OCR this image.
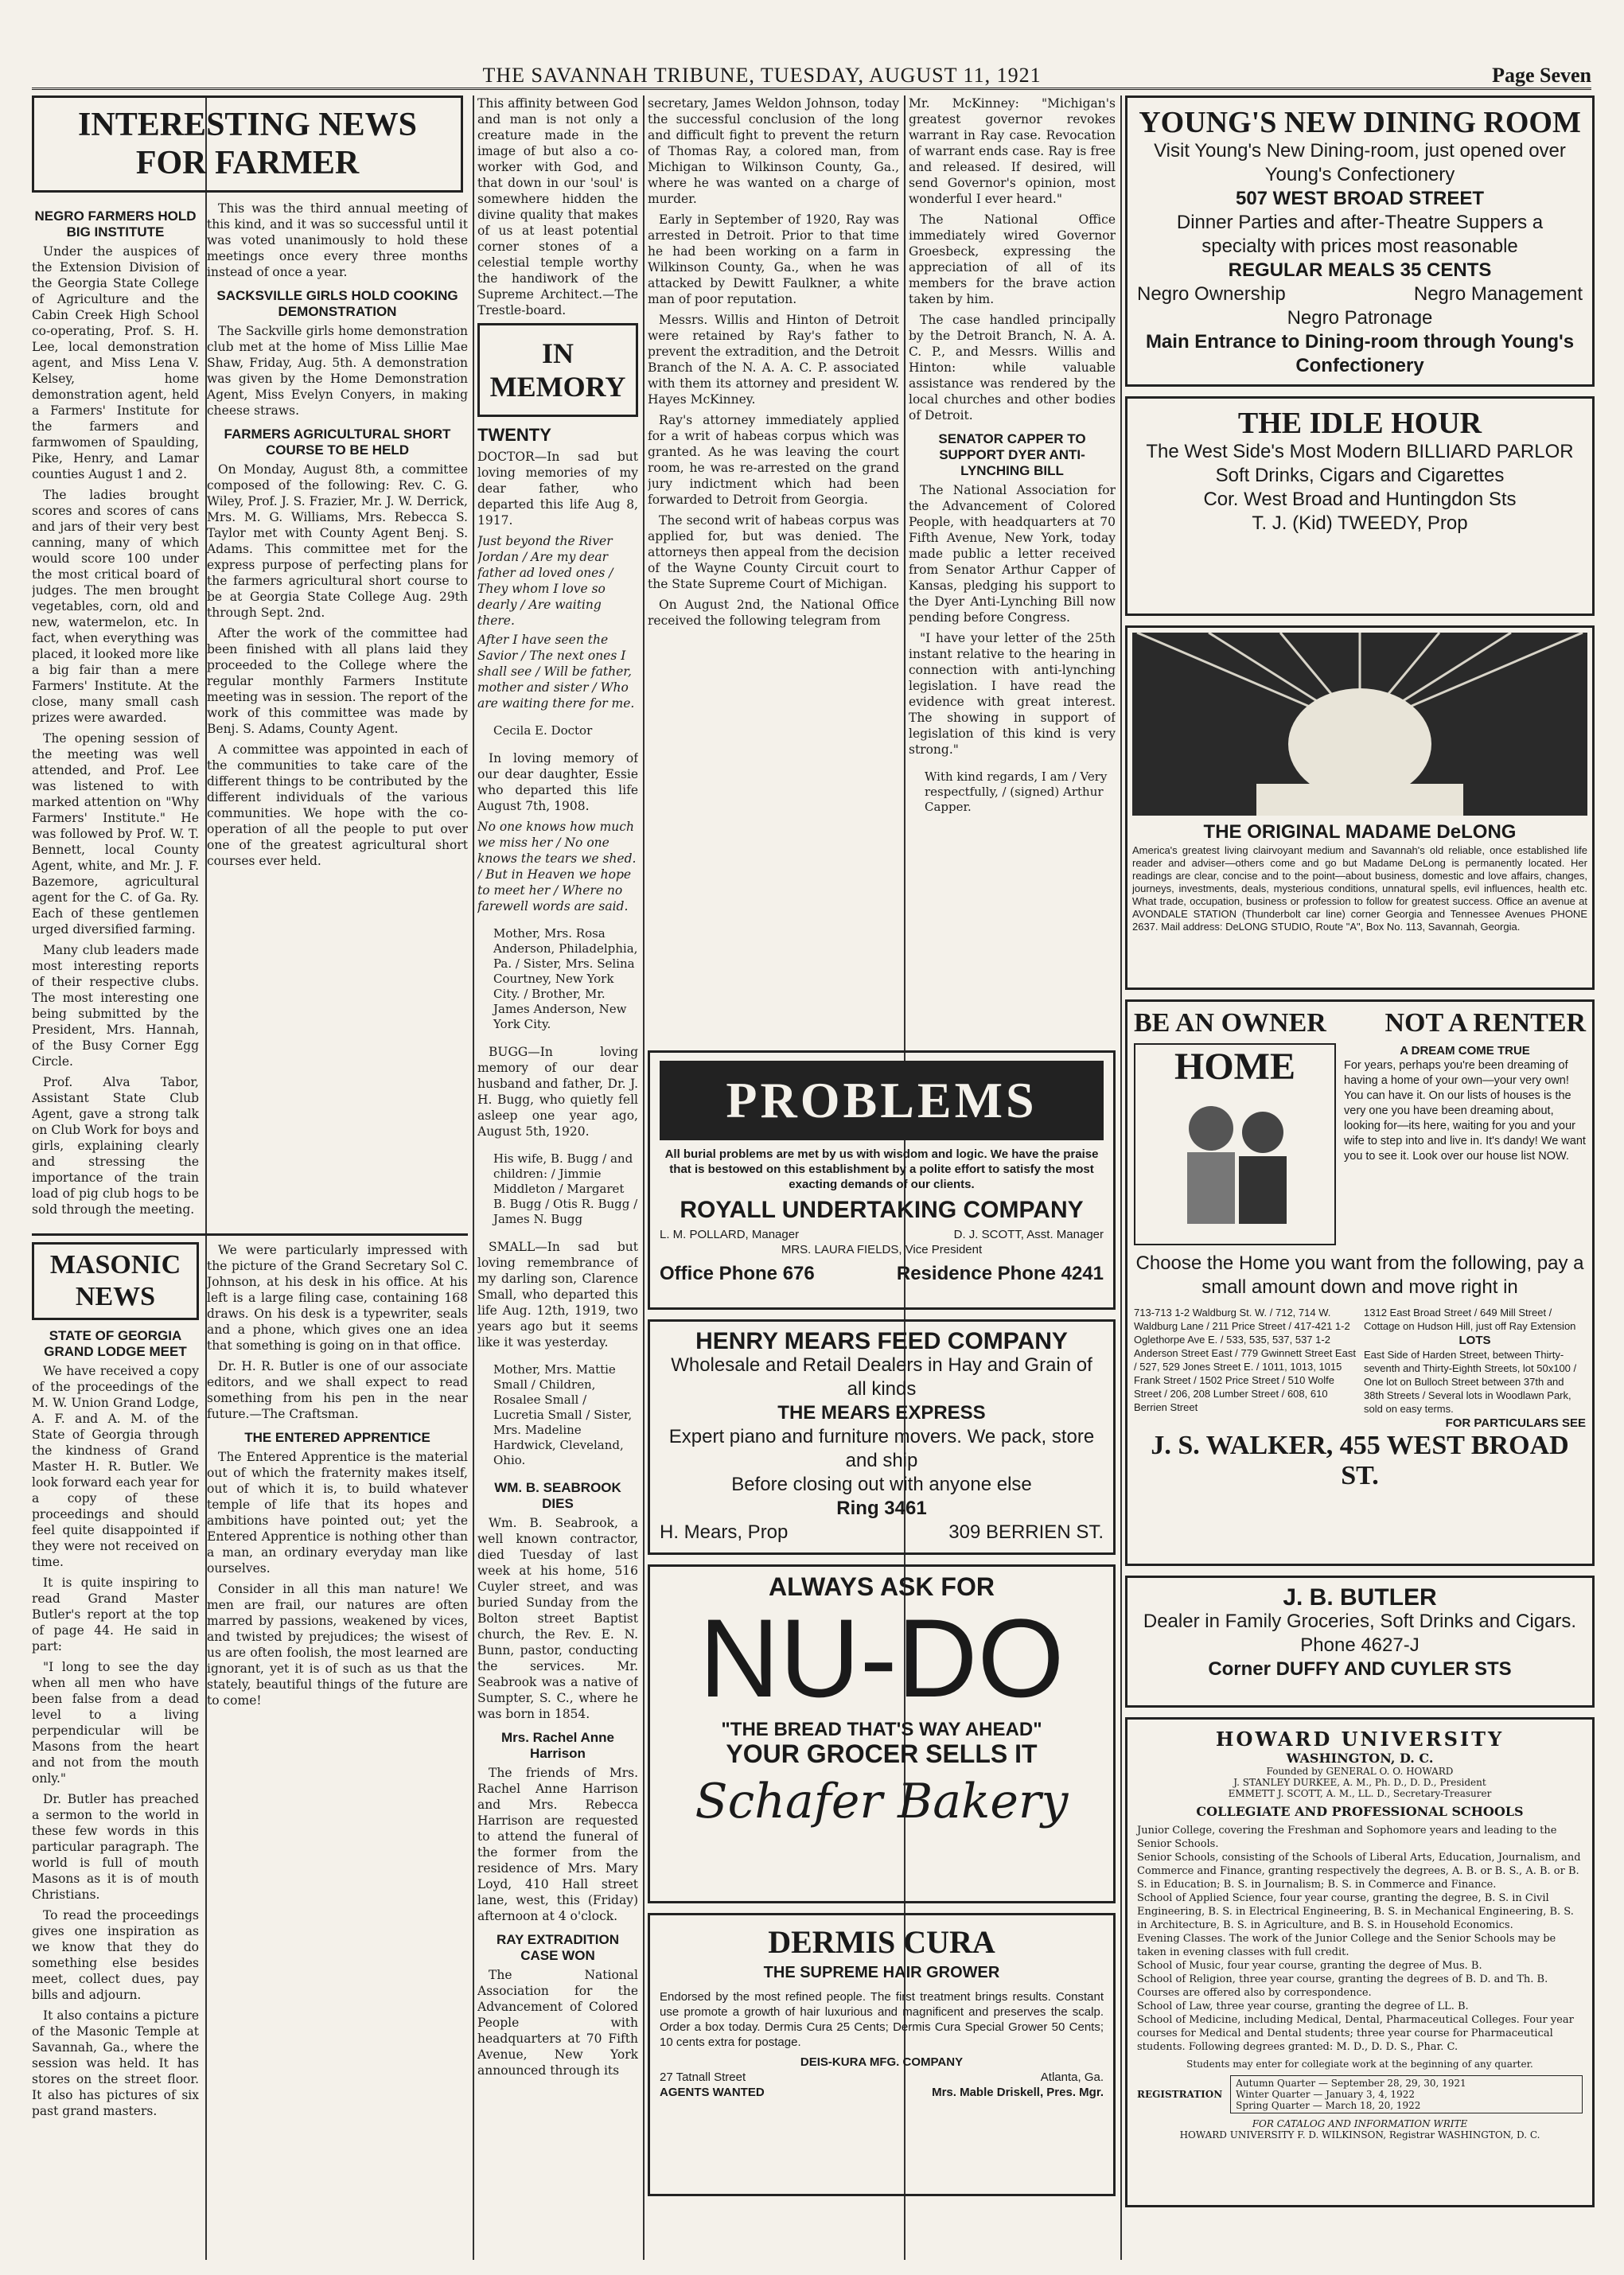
THE SAVANNAH TRIBUNE, TUESDAY, AUGUST 11, 1921	Page Seven
INTERESTING NEWS FOR FARMER
NEGRO FARMERS HOLD BIG INSTITUTE

Under the auspices of the Extension Division of the Georgia State College of Agriculture and the Cabin Creek High School co-operating, Prof. S. H. Lee, local demonstration agent, and Miss Lena V. Kelsey, home demonstration agent, held a Farmers' Institute for the farmers and farmwomen of Spaulding, Pike, Henry, and Lamar counties August 1 and 2.

The ladies brought scores and scores of cans and jars of their very best canning, many of which would score 100 under the most critical board of judges. The men brought vegetables, corn, old and new, watermelon, etc. In fact, when everything was placed, it looked more like a big fair than a mere Farmers' Institute. At the close, many small cash prizes were awarded.

The opening session of the meeting was well attended, and Prof. Lee was listened to with marked attention on "Why Farmers' Institute." He was followed by Prof. W. T. Bennett, local County Agent, white, and Mr. J. F. Bazemore, agricultural agent for the C. of Ga. Ry. Each of these gentlemen urged diversified farming.

Many club leaders made most interesting reports of their respective clubs. The most interesting one being submitted by the President, Mrs. Hannah, of the Busy Corner Egg Circle.

Prof. Alva Tabor, Assistant State Club Agent, gave a strong talk on Club Work for boys and girls, explaining clearly and stressing the importance of the train load of pig club hogs to be sold through the meeting.

This was the third annual meeting of this kind, and it was so successful until it was voted unanimously to hold these meetings once every three months instead of once a year.

SACKSVILLE GIRLS HOLD COOKING DEMONSTRATION

The Sackville girls home demonstration club met at the home of Miss Lillie Mae Shaw, Friday, Aug. 5th. A demonstration was given by the Home Demonstration Agent, Miss Evelyn Conyers, in making cheese straws.

FARMERS AGRICULTURAL SHORT COURSE TO BE HELD

On Monday, August 8th, a committee composed of the following: Rev. C. G. Wiley, Prof. J. S. Frazier, Mr. J. W. Derrick, Mrs. M. G. Williams, Mrs. Rebecca S. Taylor met with County Agent Benj. S. Adams. This committee met for the express purpose of perfecting plans for the farmers agricultural short course to be at Georgia State College Aug. 29th through Sept. 2nd.

After the work of the committee had been finished with all plans laid they proceeded to the College where the regular monthly Farmers Institute meeting was in session. The report of the work of this committee was made by Benj. S. Adams, County Agent.

A committee was appointed in each of the communities to take care of the different things to be contributed by the different individuals of the various communities. We hope with the co-operation of all the people to put over one of the greatest agricultural short courses ever held.

MASONIC NEWS
STATE OF GEORGIA GRAND LODGE MEET

We have received a copy of the proceedings of the M. W. Union Grand Lodge, A. F. and A. M. of the State of Georgia through the kindness of Grand Master H. R. Butler. We look forward each year for a copy of these proceedings and should feel quite disappointed if they were not received on time.

It is quite inspiring to read Grand Master Butler's report at the top of page 44. He said in part:

"I long to see the day when all men who have been false from a dead level to a living perpendicular will be Masons from the heart and not from the mouth only."

Dr. Butler has preached a sermon to the world in these few words in this particular paragraph. The world is full of mouth Masons as it is of mouth Christians.

To read the proceedings gives one inspiration as we know that they do something else besides meet, collect dues, pay bills and adjourn.

It also contains a picture of the Masonic Temple at Savannah, Ga., where the session was held. It has stores on the street floor. It also has pictures of six past grand masters.

We were particularly impressed with the picture of the Grand Secretary Sol C. Johnson, at his desk in his office. At his left is a large filing case, containing 168 draws. On his desk is a typewriter, seals and a phone, which gives one an idea that something is going on in that office.

Dr. H. R. Butler is one of our associate editors, and we shall expect to read something from his pen in the near future.—The Craftsman.

THE ENTERED APPRENTICE

The Entered Apprentice is the material out of which the fraternity makes itself, out of which it is, to build whatever temple of life that its hopes and ambitions have pointed out; yet the Entered Apprentice is nothing other than a man, an ordinary everyday man like ourselves.

Consider in all this man nature! We men are frail, our natures are often marred by passions, weakened by vices, and twisted by prejudices; the wisest of us are often foolish, the most learned are ignorant, yet it is of such as us that the stately, beautiful things of the future are to come!

This affinity between God and man is not only a creature made in the image of but also a co-worker with God, and that down in our 'soul' is somewhere hidden the divine quality that makes of us at least potential corner stones of a celestial temple worthy the handiwork of the Supreme Architect.—The Trestle-board.

IN MEMORY
TWENTY

DOCTOR—In sad but loving memories of my dear father, who departed this life Aug 8, 1917.

Just beyond the River Jordan / Are my dear father ad loved ones / They whom I love so dearly / Are waiting there.

After I have seen the Savior / The next ones I shall see / Will be father, mother and sister / Who are waiting there for me.

Cecila E. Doctor

In loving memory of our dear daughter, Essie who departed this life August 7th, 1908.

No one knows how much we miss her / No one knows the tears we shed. / But in Heaven we hope to meet her / Where no farewell words are said.

Mother, Mrs. Rosa Anderson, Philadelphia, Pa. / Sister, Mrs. Selina Courtney, New York City. / Brother, Mr. James Anderson, New York City.

BUGG—In loving memory of our dear husband and father, Dr. J. H. Bugg, who quietly fell asleep one year ago, August 5th, 1920.

His wife, B. Bugg / and children: / Jimmie Middleton / Margaret B. Bugg / Otis R. Bugg / James N. Bugg

SMALL—In sad but loving remembrance of my darling son, Clarence Small, who departed this life Aug. 12th, 1919, two years ago but it seems like it was yesterday.

Mother, Mrs. Mattie Small / Children, Rosalee Small / Lucretia Small / Sister, Mrs. Madeline Hardwick, Cleveland, Ohio.

WM. B. SEABROOK DIES

Wm. B. Seabrook, a well known contractor, died Tuesday of last week at his home, 516 Cuyler street, and was buried Sunday from the Bolton street Baptist church, the Rev. E. N. Bunn, pastor, conducting the services. Mr. Seabrook was a native of Sumpter, S. C., where he was born in 1854.

Mrs. Rachel Anne Harrison

The friends of Mrs. Rachel Anne Harrison and Mrs. Rebecca Harrison are requested to attend the funeral of the former from the residence of Mrs. Mary Loyd, 410 Hall street lane, west, this (Friday) afternoon at 4 o'clock.

RAY EXTRADITION CASE WON

The National Association for the Advancement of Colored People with headquarters at 70 Fifth Avenue, New York announced through its

secretary, James Weldon Johnson, today the successful conclusion of the long and difficult fight to prevent the return of Thomas Ray, a colored man, from Michigan to Wilkinson County, Ga., where he was wanted on a charge of murder.

Early in September of 1920, Ray was arrested in Detroit. Prior to that time he had been working on a farm in Wilkinson County, Ga., when he was attacked by Dewitt Faulkner, a white man of poor reputation.

Messrs. Willis and Hinton of Detroit were retained by Ray's father to prevent the extradition, and the Detroit Branch of the N. A. A. C. P. associated with them its attorney and president W. Hayes McKinney.

Ray's attorney immediately applied for a writ of habeas corpus which was granted. As he was leaving the court room, he was re-arrested on the grand jury indictment which had been forwarded to Detroit from Georgia.

The second writ of habeas corpus was applied for, but was denied. The attorneys then appeal from the decision of the Wayne County Circuit court to the State Supreme Court of Michigan.

On August 2nd, the National Office received the following telegram from

Mr. McKinney: "Michigan's greatest governor revokes warrant in Ray case. Revocation of warrant ends case. Ray is free and released. If desired, will send Governor's opinion, most wonderful I ever heard."

The National Office immediately wired Governor Groesbeck, expressing the appreciation of all of its members for the brave action taken by him.

The case handled principally by the Detroit Branch, N. A. A. C. P., and Messrs. Willis and Hinton: while valuable assistance was rendered by the local churches and other bodies of Detroit.

SENATOR CAPPER TO SUPPORT DYER ANTI-LYNCHING BILL

The National Association for the Advancement of Colored People, with headquarters at 70 Fifth Avenue, New York, today made public a letter received from Senator Arthur Capper of Kansas, pledging his support to the Dyer Anti-Lynching Bill now pending before Congress.

"I have your letter of the 25th instant relative to the hearing in connection with anti-lynching legislation. I have read the evidence with great interest. The showing in support of legislation of this kind is very strong."

With kind regards, I am / Very respectfully, / (signed) Arthur Capper.

PROBLEMS
All burial problems are met by us with wisdom and logic. We have the praise that is bestowed on this establishment by a polite effort to satisfy the most exacting demands of our clients.
ROYALL UNDERTAKING COMPANY
L. M. POLLARD, Manager	D. J. SCOTT, Asst. Manager
MRS. LAURA FIELDS, Vice President
Office Phone 676	Residence Phone 4241
HENRY MEARS FEED COMPANY
Wholesale and Retail Dealers in Hay and Grain of all kinds
THE MEARS EXPRESS
Expert piano and furniture movers. We pack, store and ship
Before closing out with anyone else
Ring 3461
H. Mears, Prop	309 BERRIEN ST.
ALWAYS ASK FOR
NU-DO
"THE BREAD THAT'S WAY AHEAD"
YOUR GROCER SELLS IT
Schafer Bakery
DERMIS CURA
THE SUPREME HAIR GROWER
Endorsed by the most refined people. The first treatment brings results. Constant use promote a growth of hair luxurious and magnificent and preserves the scalp. Order a box today. Dermis Cura 25 Cents; Dermis Cura Special Grower 50 Cents; 10 cents extra for postage.
DEIS-KURA MFG. COMPANY
27 Tatnall Street	Atlanta, Ga.
AGENTS WANTED	Mrs. Mable Driskell, Pres. Mgr.
YOUNG'S NEW DINING ROOM
Visit Young's New Dining-room, just opened over Young's Confectionery
507 WEST BROAD STREET
Dinner Parties and after-Theatre Suppers a specialty with prices most reasonable
REGULAR MEALS 35 CENTS
Negro Ownership	Negro Management
Negro Patronage
Main Entrance to Dining-room through Young's Confectionery
THE IDLE HOUR
The West Side's Most Modern BILLIARD PARLOR
Soft Drinks, Cigars and Cigarettes
Cor. West Broad and Huntingdon Sts
T. J. (Kid) TWEEDY, Prop
THE ORIGINAL MADAME DeLONG
America's greatest living clairvoyant medium and Savannah's old reliable, once established life reader and adviser—others come and go but Madame DeLong is permanently located. Her readings are clear, concise and to the point—about business, domestic and love affairs, changes, journeys, investments, deals, mysterious conditions, unnatural spells, evil influences, health etc. What trade, occupation, business or profession to follow for greatest success. Office an avenue at AVONDALE STATION (Thunderbolt car line) corner Georgia and Tennessee Avenues PHONE 2637. Mail address: DeLONG STUDIO, Route "A", Box No. 113, Savannah, Georgia.
BE AN OWNER NOT A RENTER
HOME	A DREAM COME TRUE
For years, perhaps you're been dreaming of having a home of your own—your very own! You can have it. On our lists of houses is the very one you have been dreaming about, looking for—its here, waiting for you and your wife to step into and live in. It's dandy! We want you to see it. Look over our house list NOW.
Choose the Home you want from the following, pay a small amount down and move right in
713-713 1-2 Waldburg St. W. / 712, 714 W. Waldburg Lane / 211 Price Street / 417-421 1-2 Oglethorpe Ave E. / 533, 535, 537, 537 1-2 Anderson Street East / 779 Gwinnett Street East / 527, 529 Jones Street E. / 1011, 1013, 1015 Frank Street / 1502 Price Street / 510 Wolfe Street / 206, 208 Lumber Street / 608, 610 Berrien Street
1312 East Broad Street / 649 Mill Street / Cottage on Hudson Hill, just off Ray Extension
LOTS
East Side of Harden Street, between Thirty-seventh and Thirty-Eighth Streets, lot 50x100 / One lot on Bulloch Street between 37th and 38th Streets / Several lots in Woodlawn Park, sold on easy terms.
FOR PARTICULARS SEE
J. S. WALKER, 455 WEST BROAD ST.
J. B. BUTLER
Dealer in Family Groceries, Soft Drinks and Cigars. Phone 4627-J
Corner DUFFY AND CUYLER STS
HOWARD UNIVERSITY
WASHINGTON, D. C.
Founded by GENERAL O. O. HOWARD
J. STANLEY DURKEE, A. M., Ph. D., D. D., President
EMMETT J. SCOTT, A. M., LL. D., Secretary-Treasurer
COLLEGIATE AND PROFESSIONAL SCHOOLS
Junior College, covering the Freshman and Sophomore years and leading to the Senior Schools.
Senior Schools, consisting of the Schools of Liberal Arts, Education, Journalism, and Commerce and Finance, granting respectively the degrees, A. B. or B. S., A. B. or B. S. in Education; B. S. in Journalism; B. S. in Commerce and Finance.
School of Applied Science, four year course, granting the degree, B. S. in Civil Engineering, B. S. in Electrical Engineering, B. S. in Mechanical Engineering, B. S. in Architecture, B. S. in Agriculture, and B. S. in Household Economics.
Evening Classes. The work of the Junior College and the Senior Schools may be taken in evening classes with full credit.
School of Music, four year course, granting the degree of Mus. B.
School of Religion, three year course, granting the degrees of B. D. and Th. B. Courses are offered also by correspondence.
School of Law, three year course, granting the degree of LL. B.
School of Medicine, including Medical, Dental, Pharmaceutical Colleges. Four year courses for Medical and Dental students; three year course for Pharmaceutical students. Following degrees granted: M. D., D. D. S., Phar. C.
Students may enter for collegiate work at the beginning of any quarter.
REGISTRATION
Autumn Quarter — September 28, 29, 30, 1921
Winter Quarter — January 3, 4, 1922
Spring Quarter — March 18, 20, 1922
FOR CATALOG AND INFORMATION WRITE
HOWARD UNIVERSITY F. D. WILKINSON, Registrar WASHINGTON, D. C.
